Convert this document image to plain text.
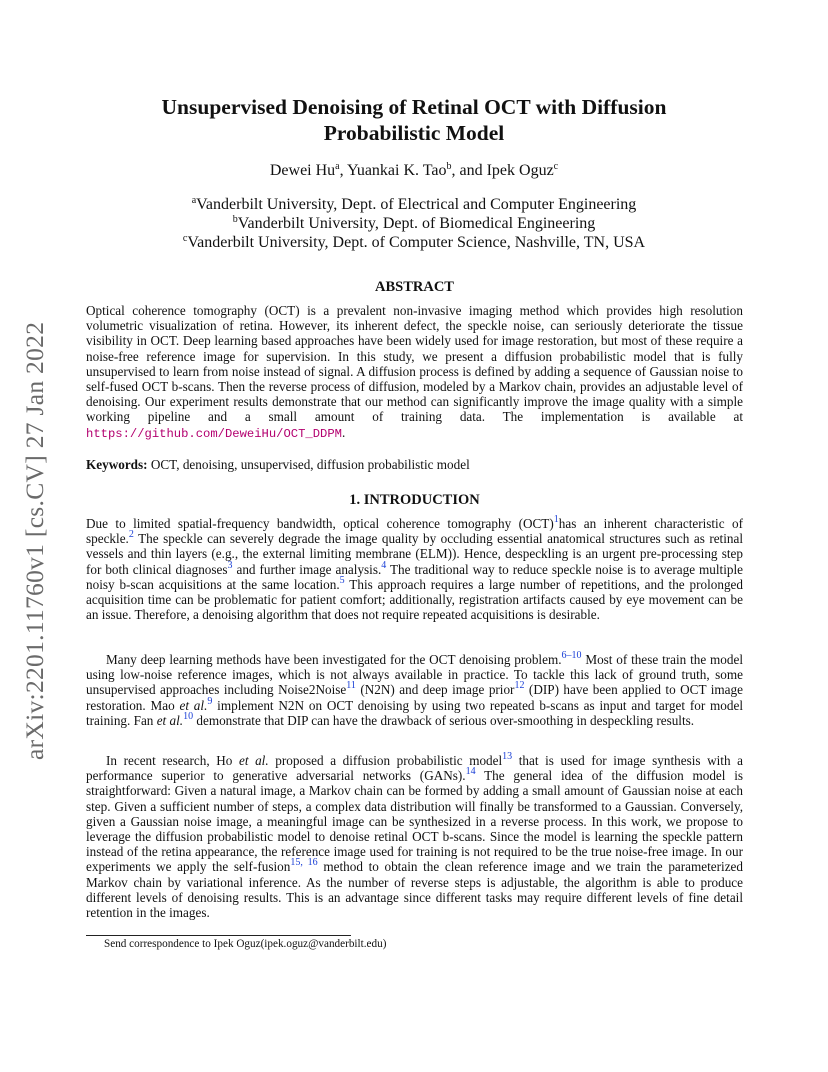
arXiv:2201.11760v1 [cs.CV] 27 Jan 2022
Unsupervised Denoising of Retinal OCT with Diffusion
Probabilistic Model
Dewei Hu$^a$, Yuankai K. Tao$^b$, and Ipek Oguz$^c$
$^a$Vanderbilt University, Dept. of Electrical and Computer Engineering
$^b$Vanderbilt University, Dept. of Biomedical Engineering
$^c$Vanderbilt University, Dept. of Computer Science, Nashville, TN, USA
ABSTRACT
Optical coherence tomography (OCT) is a prevalent non-invasive imaging method which provides high resolution volumetric visualization of retina. However, its inherent defect, the speckle noise, can seriously deteriorate the tissue visibility in OCT. Deep learning based approaches have been widely used for image restoration, but most of these require a noise-free reference image for supervision. In this study, we present a diffusion probabilistic model that is fully unsupervised to learn from noise instead of signal. A diffusion process is defined by adding a sequence of Gaussian noise to self-fused OCT b-scans. Then the reverse process of diffusion, modeled by a Markov chain, provides an adjustable level of denoising. Our experiment results demonstrate that our method can significantly improve the image quality with a simple working pipeline and a small amount of training data. The implementation is available at https://github.com/DeweiHu/OCT_DDPM.
Keywords: OCT, denoising, unsupervised, diffusion probabilistic model
1. INTRODUCTION
Due to limited spatial-frequency bandwidth, optical coherence tomography (OCT)$^1$has an inherent characteristic of speckle.$^2$ The speckle can severely degrade the image quality by occluding essential anatomical structures such as retinal vessels and thin layers (e.g., the external limiting membrane (ELM)). Hence, despeckling is an urgent pre-processing step for both clinical diagnoses$^3$ and further image analysis.$^4$ The traditional way to reduce speckle noise is to average multiple noisy b-scan acquisitions at the same location.$^5$ This approach requires a large number of repetitions, and the prolonged acquisition time can be problematic for patient comfort; additionally, registration artifacts caused by eye movement can be an issue. Therefore, a denoising algorithm that does not require repeated acquisitions is desirable.
Many deep learning methods have been investigated for the OCT denoising problem.$^{6-10}$ Most of these train the model using low-noise reference images, which is not always available in practice. To tackle this lack of ground truth, some unsupervised approaches including Noise2Noise$^{11}$ (N2N) and deep image prior$^{12}$ (DIP) have been applied to OCT image restoration. Mao et al.$^9$ implement N2N on OCT denoising by using two repeated b-scans as input and target for model training. Fan et al.$^{10}$ demonstrate that DIP can have the drawback of serious over-smoothing in despeckling results.
In recent research, Ho et al. proposed a diffusion probabilistic model$^{13}$ that is used for image synthesis with a performance superior to generative adversarial networks (GANs).$^{14}$ The general idea of the diffusion model is straightforward: Given a natural image, a Markov chain can be formed by adding a small amount of Gaussian noise at each step. Given a sufficient number of steps, a complex data distribution will finally be transformed to a Gaussian. Conversely, given a Gaussian noise image, a meaningful image can be synthesized in a reverse process. In this work, we propose to leverage the diffusion probabilistic model to denoise retinal OCT b-scans. Since the model is learning the speckle pattern instead of the retina appearance, the reference image used for training is not required to be the true noise-free image. In our experiments we apply the self-fusion$^{15, 16}$ method to obtain the clean reference image and we train the parameterized Markov chain by variational inference. As the number of reverse steps is adjustable, the algorithm is able to produce different levels of denoising results. This is an advantage since different tasks may require different levels of fine detail retention in the images.
Send correspondence to Ipek Oguz(ipek.oguz@vanderbilt.edu)
